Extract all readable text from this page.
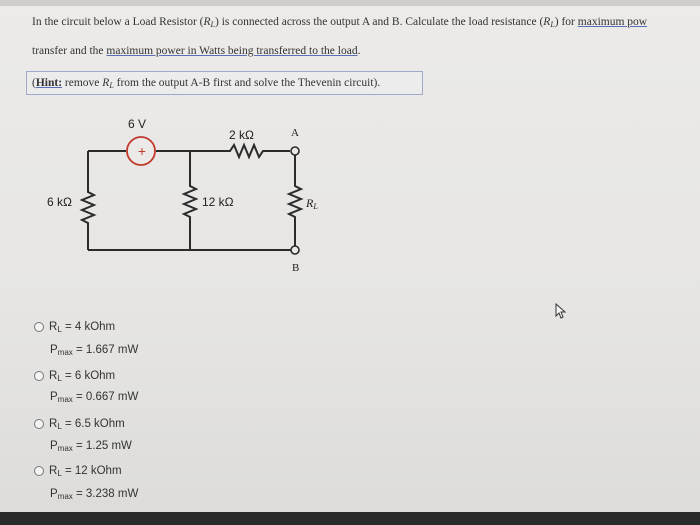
In the circuit below a Load Resistor $(R_L)$ is connected across the output A and B. Calculate the load resistance $(R_L)$ for maximum pow
transfer and the maximum power in Watts being transferred to the load.
(Hint: remove $R_L$ from the output A-B first and solve the Thevenin circuit).
+
6 V
2 kΩ	A
6 kΩ	12 kΩ	$R_L$
B
$R_L = 4$ kOhm
$P_{max} = 1.667$ mW
$R_L = 6$ kOhm
$P_{max} = 0.667$ mW
$R_L = 6.5$ kOhm
$P_{max} = 1.25$ mW
$R_L = 12$ kOhm
$P_{max} = 3.238$ mW
